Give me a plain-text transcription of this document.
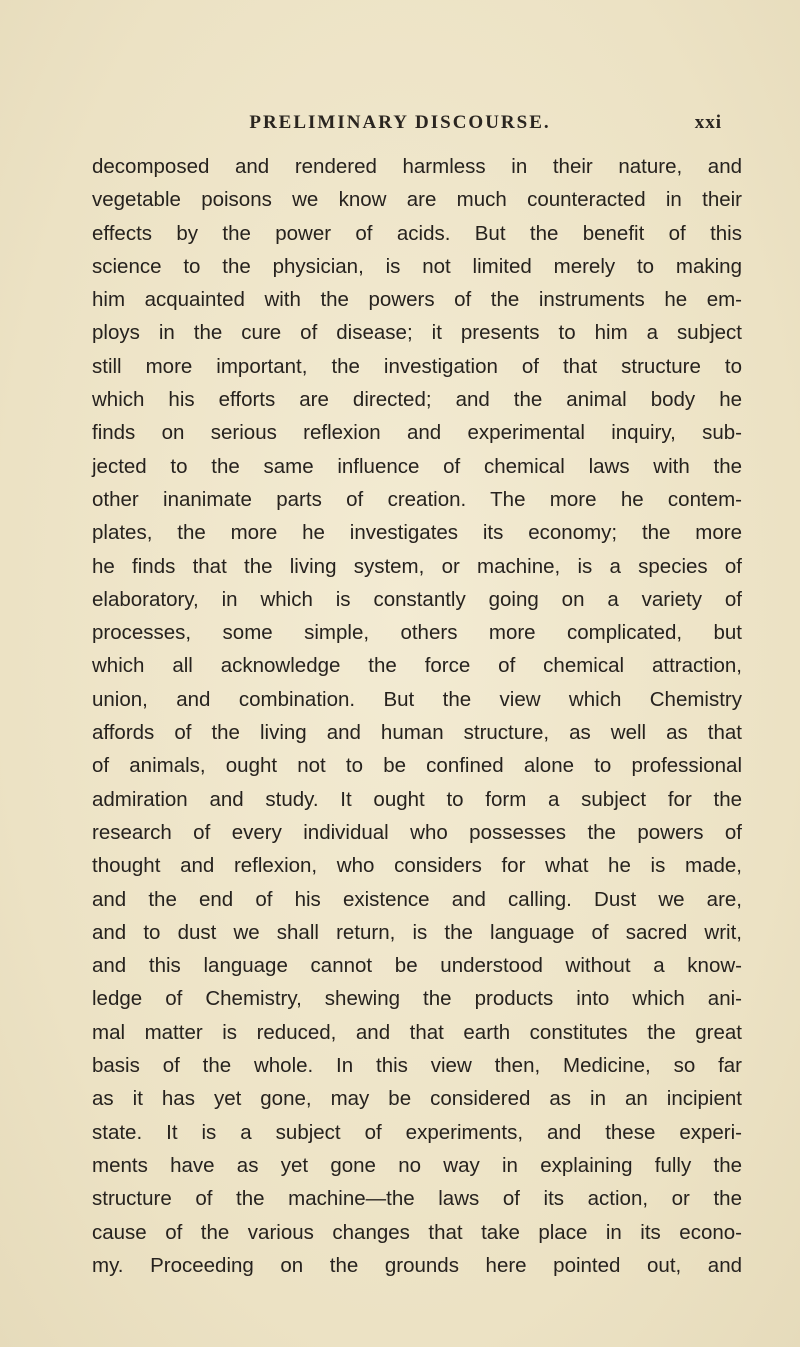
PRELIMINARY DISCOURSE.	xxi
decomposed and rendered harmless in their nature, and
vegetable poisons we know are much counteracted in their
effects by the power of acids. But the benefit of this
science to the physician, is not limited merely to making
him acquainted with the powers of the instruments he em-
ploys in the cure of disease; it presents to him a subject
still more important, the investigation of that structure to
which his efforts are directed; and the animal body he
finds on serious reflexion and experimental inquiry, sub-
jected to the same influence of chemical laws with the
other inanimate parts of creation. The more he contem-
plates, the more he investigates its economy; the more
he finds that the living system, or machine, is a species of
elaboratory, in which is constantly going on a variety of
processes, some simple, others more complicated, but
which all acknowledge the force of chemical attraction,
union, and combination. But the view which Chemistry
affords of the living and human structure, as well as that
of animals, ought not to be confined alone to professional
admiration and study. It ought to form a subject for the
research of every individual who possesses the powers of
thought and reflexion, who considers for what he is made,
and the end of his existence and calling. Dust we are,
and to dust we shall return, is the language of sacred writ,
and this language cannot be understood without a know-
ledge of Chemistry, shewing the products into which ani-
mal matter is reduced, and that earth constitutes the great
basis of the whole. In this view then, Medicine, so far
as it has yet gone, may be considered as in an incipient
state. It is a subject of experiments, and these experi-
ments have as yet gone no way in explaining fully the
structure of the machine—the laws of its action, or the
cause of the various changes that take place in its econo-
my. Proceeding on the grounds here pointed out, and
